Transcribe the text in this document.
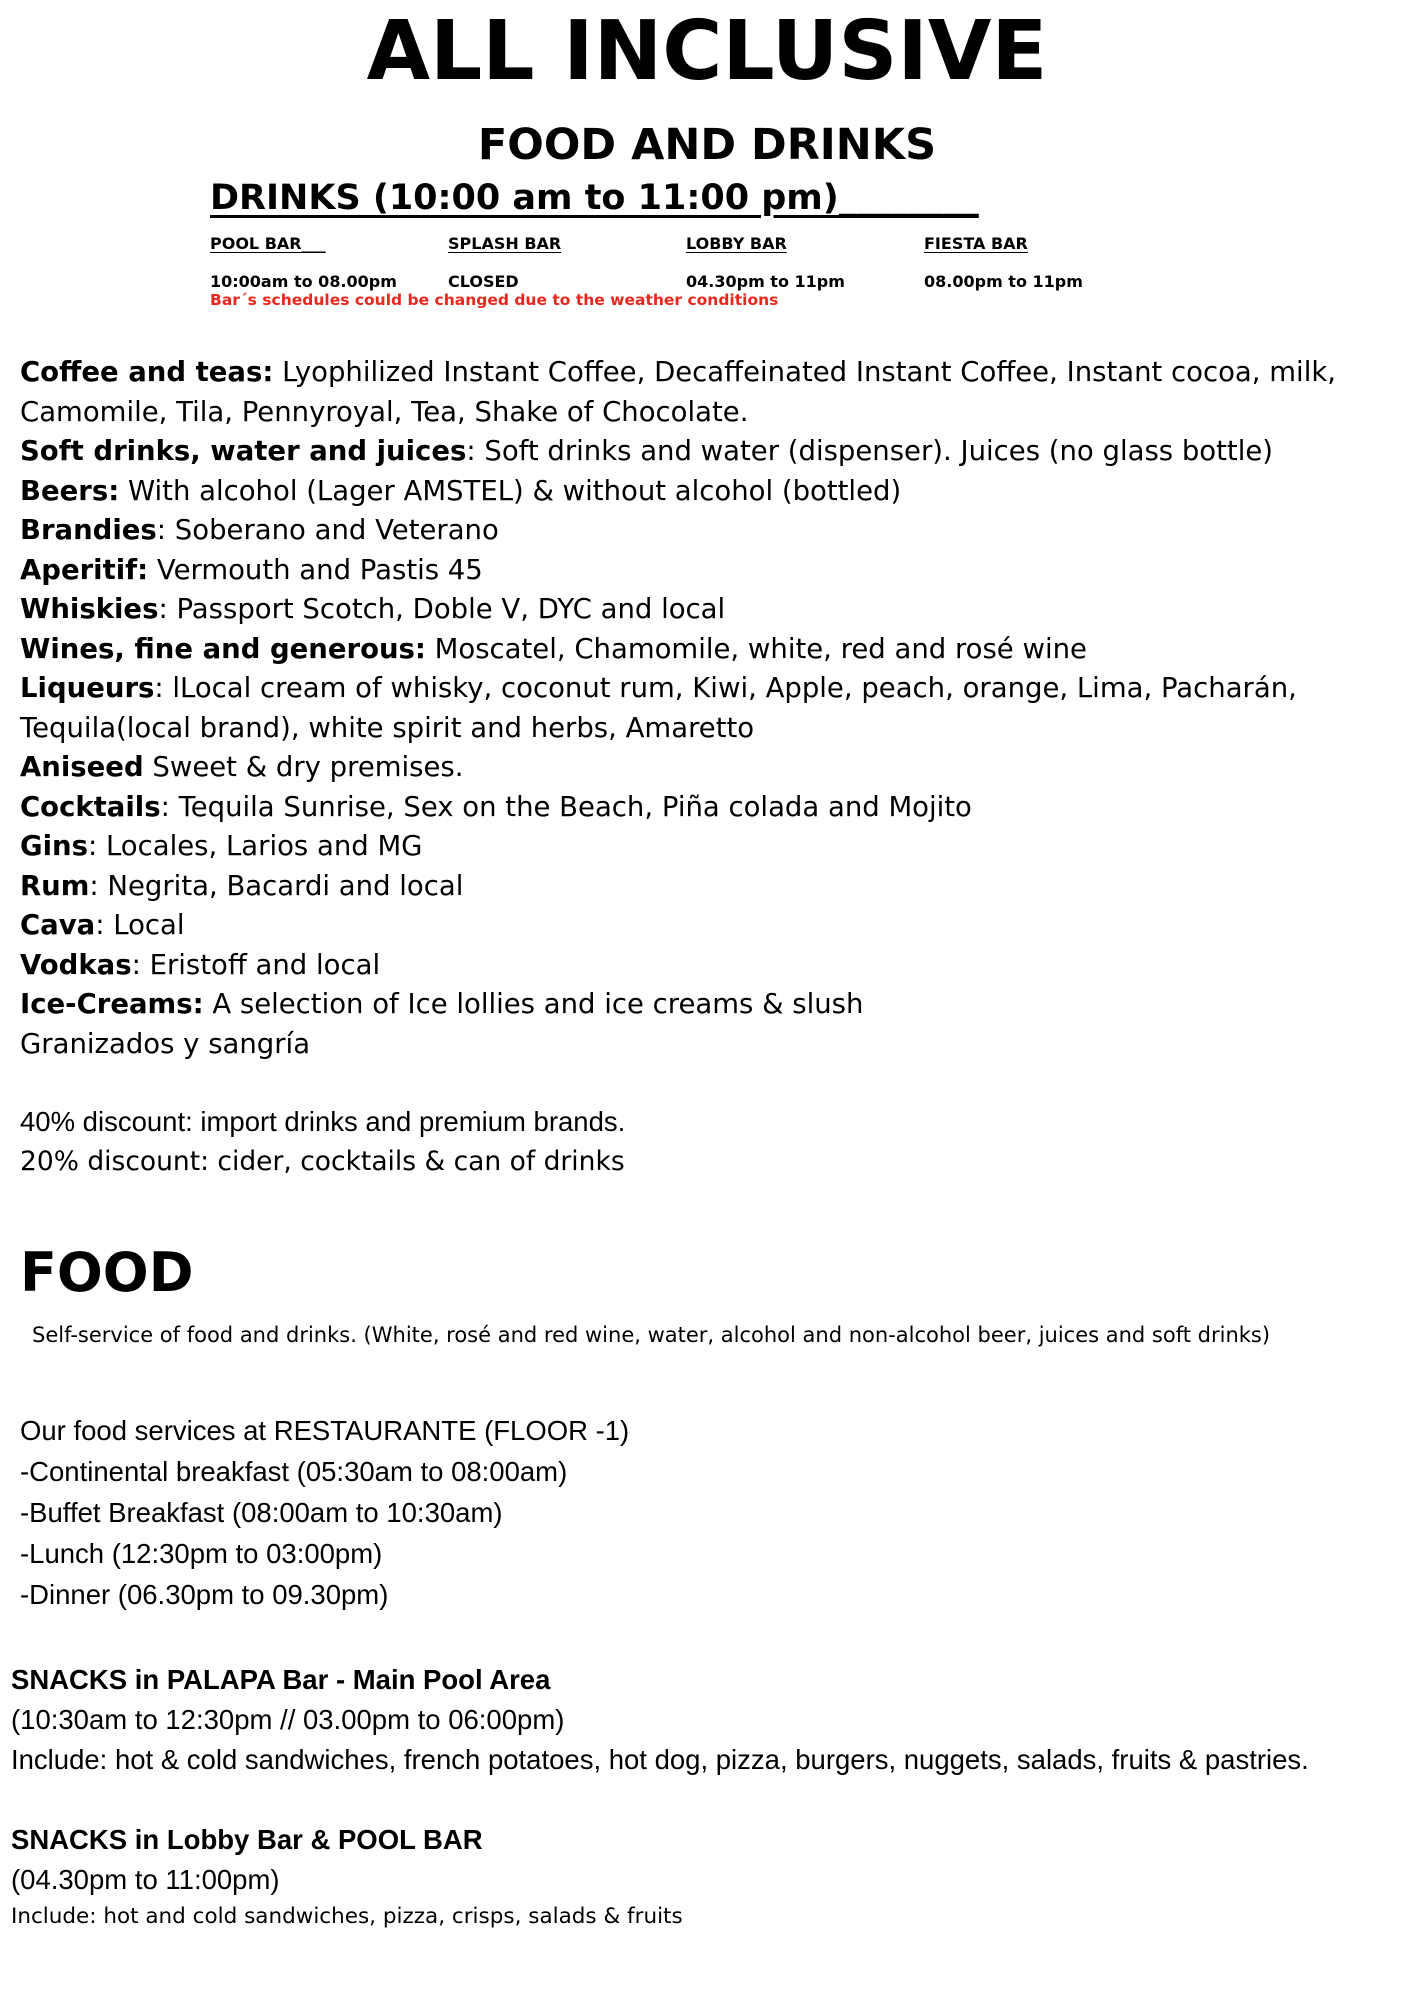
ALL INCLUSIVE
FOOD AND DRINKS
DRINKS (10:00 am to 11:00 pm)________
POOL BAR___
10:00am to 08.00pm
SPLASH BAR
CLOSED
LOBBY BAR
04.30pm to 11pm
FIESTA BAR
08.00pm to 11pm
Bar´s schedules could be changed due to the weather conditions
Coffee and teas: Lyophilized Instant Coffee, Decaffeinated Instant Coffee, Instant cocoa, milk, Camomile, Tila, Pennyroyal, Tea, Shake of Chocolate.
Soft drinks, water and juices: Soft drinks and water (dispenser). Juices (no glass bottle)
Beers: With alcohol (Lager AMSTEL) & without alcohol (bottled)
Brandies: Soberano and Veterano
Aperitif: Vermouth and Pastis 45
Whiskies: Passport Scotch, Doble V, DYC and local
Wines, fine and generous: Moscatel, Chamomile, white, red and rosé wine
Liqueurs: lLocal cream of whisky, coconut rum, Kiwi, Apple, peach, orange, Lima, Pacharán, Tequila(local brand), white spirit and herbs, Amaretto
Aniseed Sweet & dry premises.
Cocktails: Tequila Sunrise, Sex on the Beach, Piña colada and Mojito
Gins: Locales, Larios and MG
Rum: Negrita, Bacardi and local
Cava: Local
Vodkas: Eristoff and local
Ice-Creams: A selection of Ice lollies and ice creams & slush
Granizados y sangría
40% discount: import drinks and premium brands.
20% discount: cider, cocktails & can of drinks
FOOD
Self-service of food and drinks. (White, rosé and red wine, water, alcohol and non-alcohol beer, juices and soft drinks)
Our food services at RESTAURANTE (FLOOR -1)
-Continental breakfast (05:30am to 08:00am)
-Buffet Breakfast (08:00am to 10:30am)
-Lunch (12:30pm to 03:00pm)
-Dinner (06.30pm to 09.30pm)
SNACKS in PALAPA Bar - Main Pool Area
(10:30am to 12:30pm // 03.00pm to 06:00pm)
Include: hot & cold sandwiches, french potatoes, hot dog, pizza, burgers, nuggets, salads, fruits & pastries.
SNACKS in Lobby Bar & POOL BAR
(04.30pm to 11:00pm)
Include: hot and cold sandwiches, pizza, crisps, salads & fruits
